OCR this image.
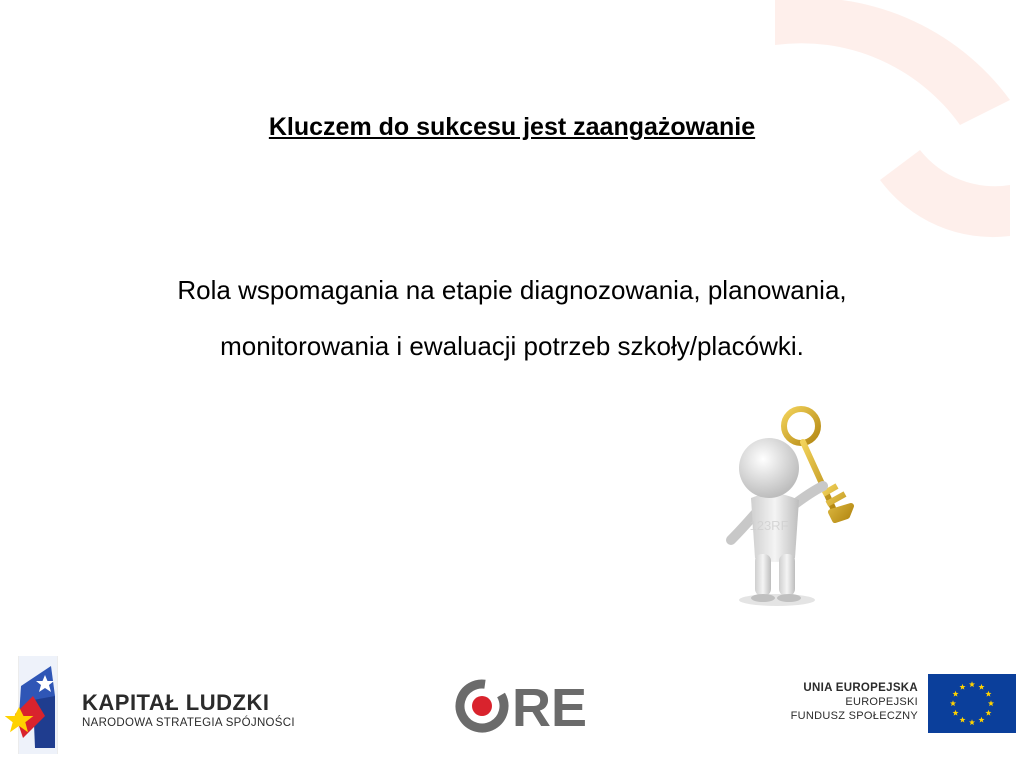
Kluczem do sukcesu jest zaangażowanie
Rola wspomagania na etapie diagnozowania, planowania,
monitorowania i ewaluacji potrzeb szkoły/placówki.
123RF
KAPITAŁ LUDZKI
NARODOWA STRATEGIA SPÓJNOŚCI	RE	UNIA EUROPEJSKA
EUROPEJSKI
FUNDUSZ SPOŁECZNY
